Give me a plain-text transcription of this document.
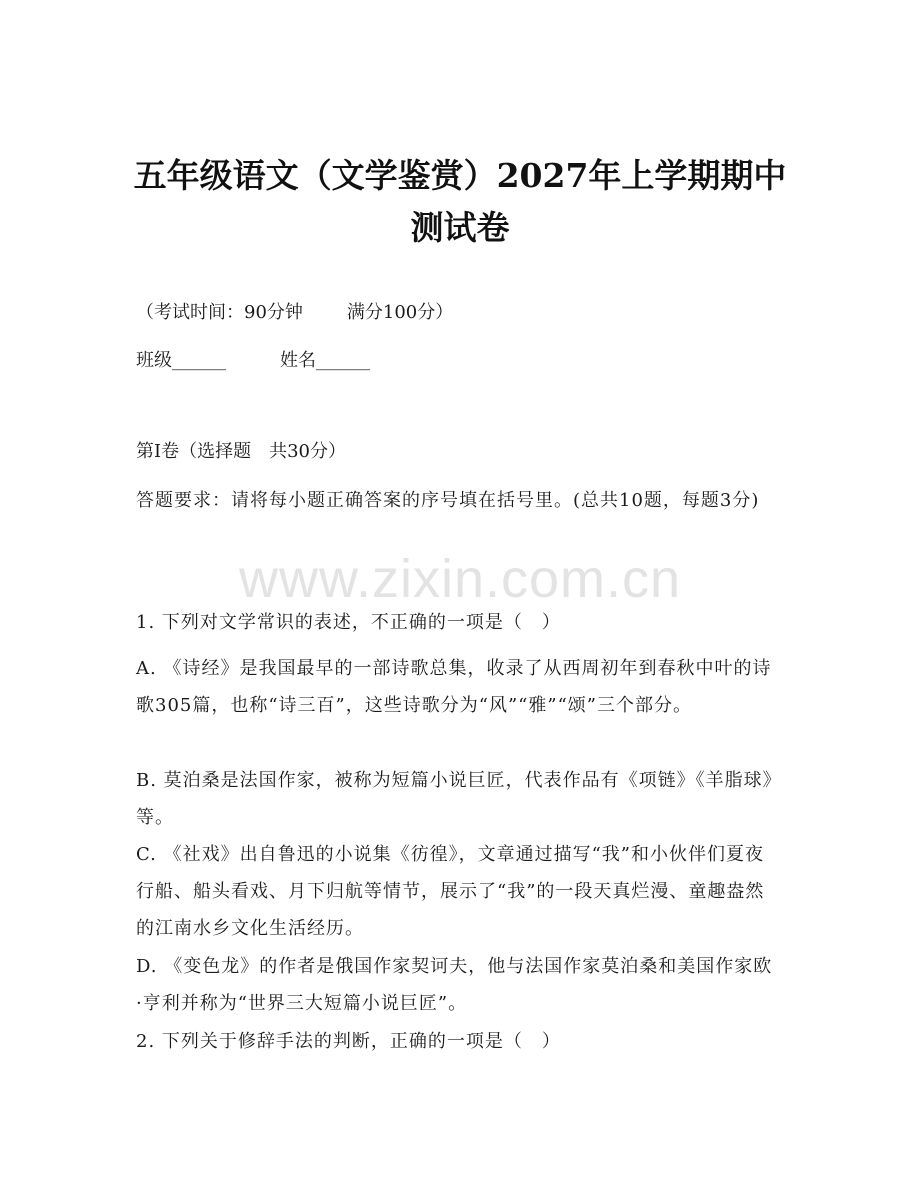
五年级语文（文学鉴赏）2027年上学期期中
测试卷
（考试时间：90分钟 满分100分）
班级______	姓名______
第Ⅰ卷（选择题　共30分）
答题要求：请将每小题正确答案的序号填在括号里。(总共10题，每题3分)
www.zixin.com.cn
1. 下列对文学常识的表述，不正确的一项是（　）
A. 《诗经》是我国最早的一部诗歌总集，收录了从西周初年到春秋中叶的诗歌305篇，也称“诗三百”，这些诗歌分为“风”“雅”“颂”三个部分。
B. 莫泊桑是法国作家，被称为短篇小说巨匠，代表作品有《项链》《羊脂球》等。
C. 《社戏》出自鲁迅的小说集《彷徨》，文章通过描写“我”和小伙伴们夏夜行船、船头看戏、月下归航等情节，展示了“我”的一段天真烂漫、童趣盎然的江南水乡文化生活经历。
D. 《变色龙》的作者是俄国作家契诃夫，他与法国作家莫泊桑和美国作家欧·亨利并称为“世界三大短篇小说巨匠”。
2. 下列关于修辞手法的判断，正确的一项是（　）
